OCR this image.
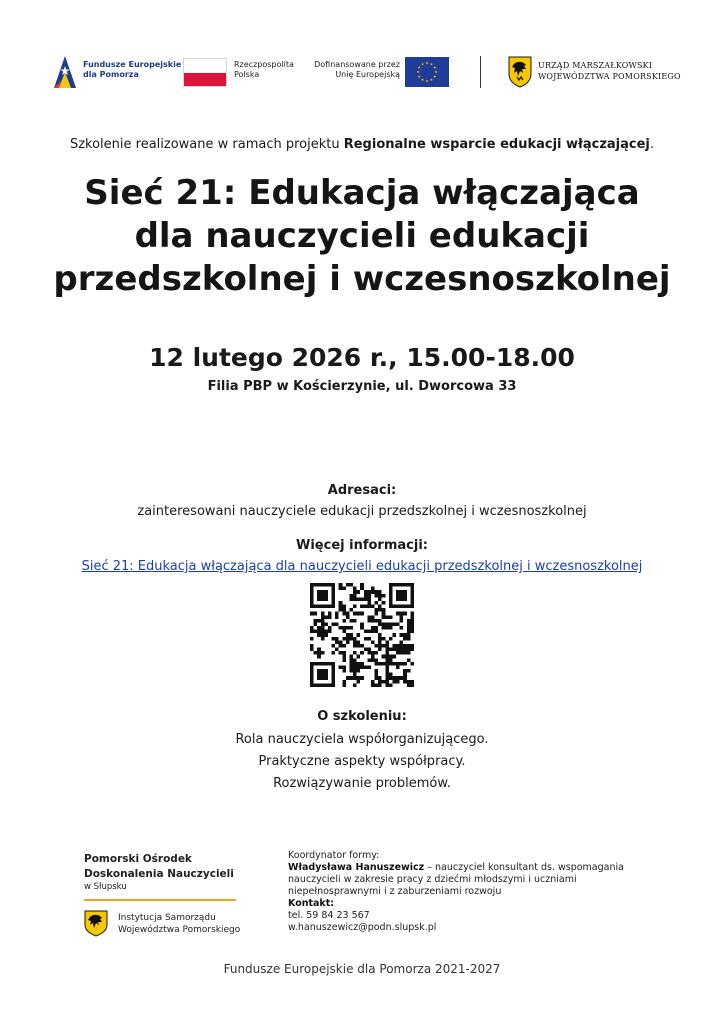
Fundusze Europejskie
dla Pomorza
Rzeczpospolita
Polska
Dofinansowane przez
Unię Europejską
URZĄD MARSZAŁKOWSKI
WOJEWÓDZTWA POMORSKIEGO
Szkolenie realizowane w ramach projektu Regionalne wsparcie edukacji włączającej.
Sieć 21: Edukacja włączająca
dla nauczycieli edukacji
przedszkolnej i wczesnoszkolnej
12 lutego 2026 r., 15.00-18.00
Filia PBP w Kościerzynie, ul. Dworcowa 33
Adresaci:
zainteresowani nauczyciele edukacji przedszkolnej i wczesnoszkolnej
Więcej informacji:
Sieć 21: Edukacja włączająca dla nauczycieli edukacji przedszkolnej i wczesnoszkolnej
O szkoleniu:
Rola nauczyciela współorganizującego.
Praktyczne aspekty współpracy.
Rozwiązywanie problemów.
Pomorski Ośrodek
Doskonalenia Nauczycieli
w Słupsku
Instytucja Samorządu
Województwa Pomorskiego
Koordynator formy:
Władysława Hanuszewicz – nauczyciel konsultant ds. wspomagania
nauczycieli w zakresie pracy z dziećmi młodszymi i uczniami
niepełnosprawnymi i z zaburzeniami rozwoju
Kontakt:
tel. 59 84 23 567
w.hanuszewicz@podn.slupsk.pl
Fundusze Europejskie dla Pomorza 2021-2027
